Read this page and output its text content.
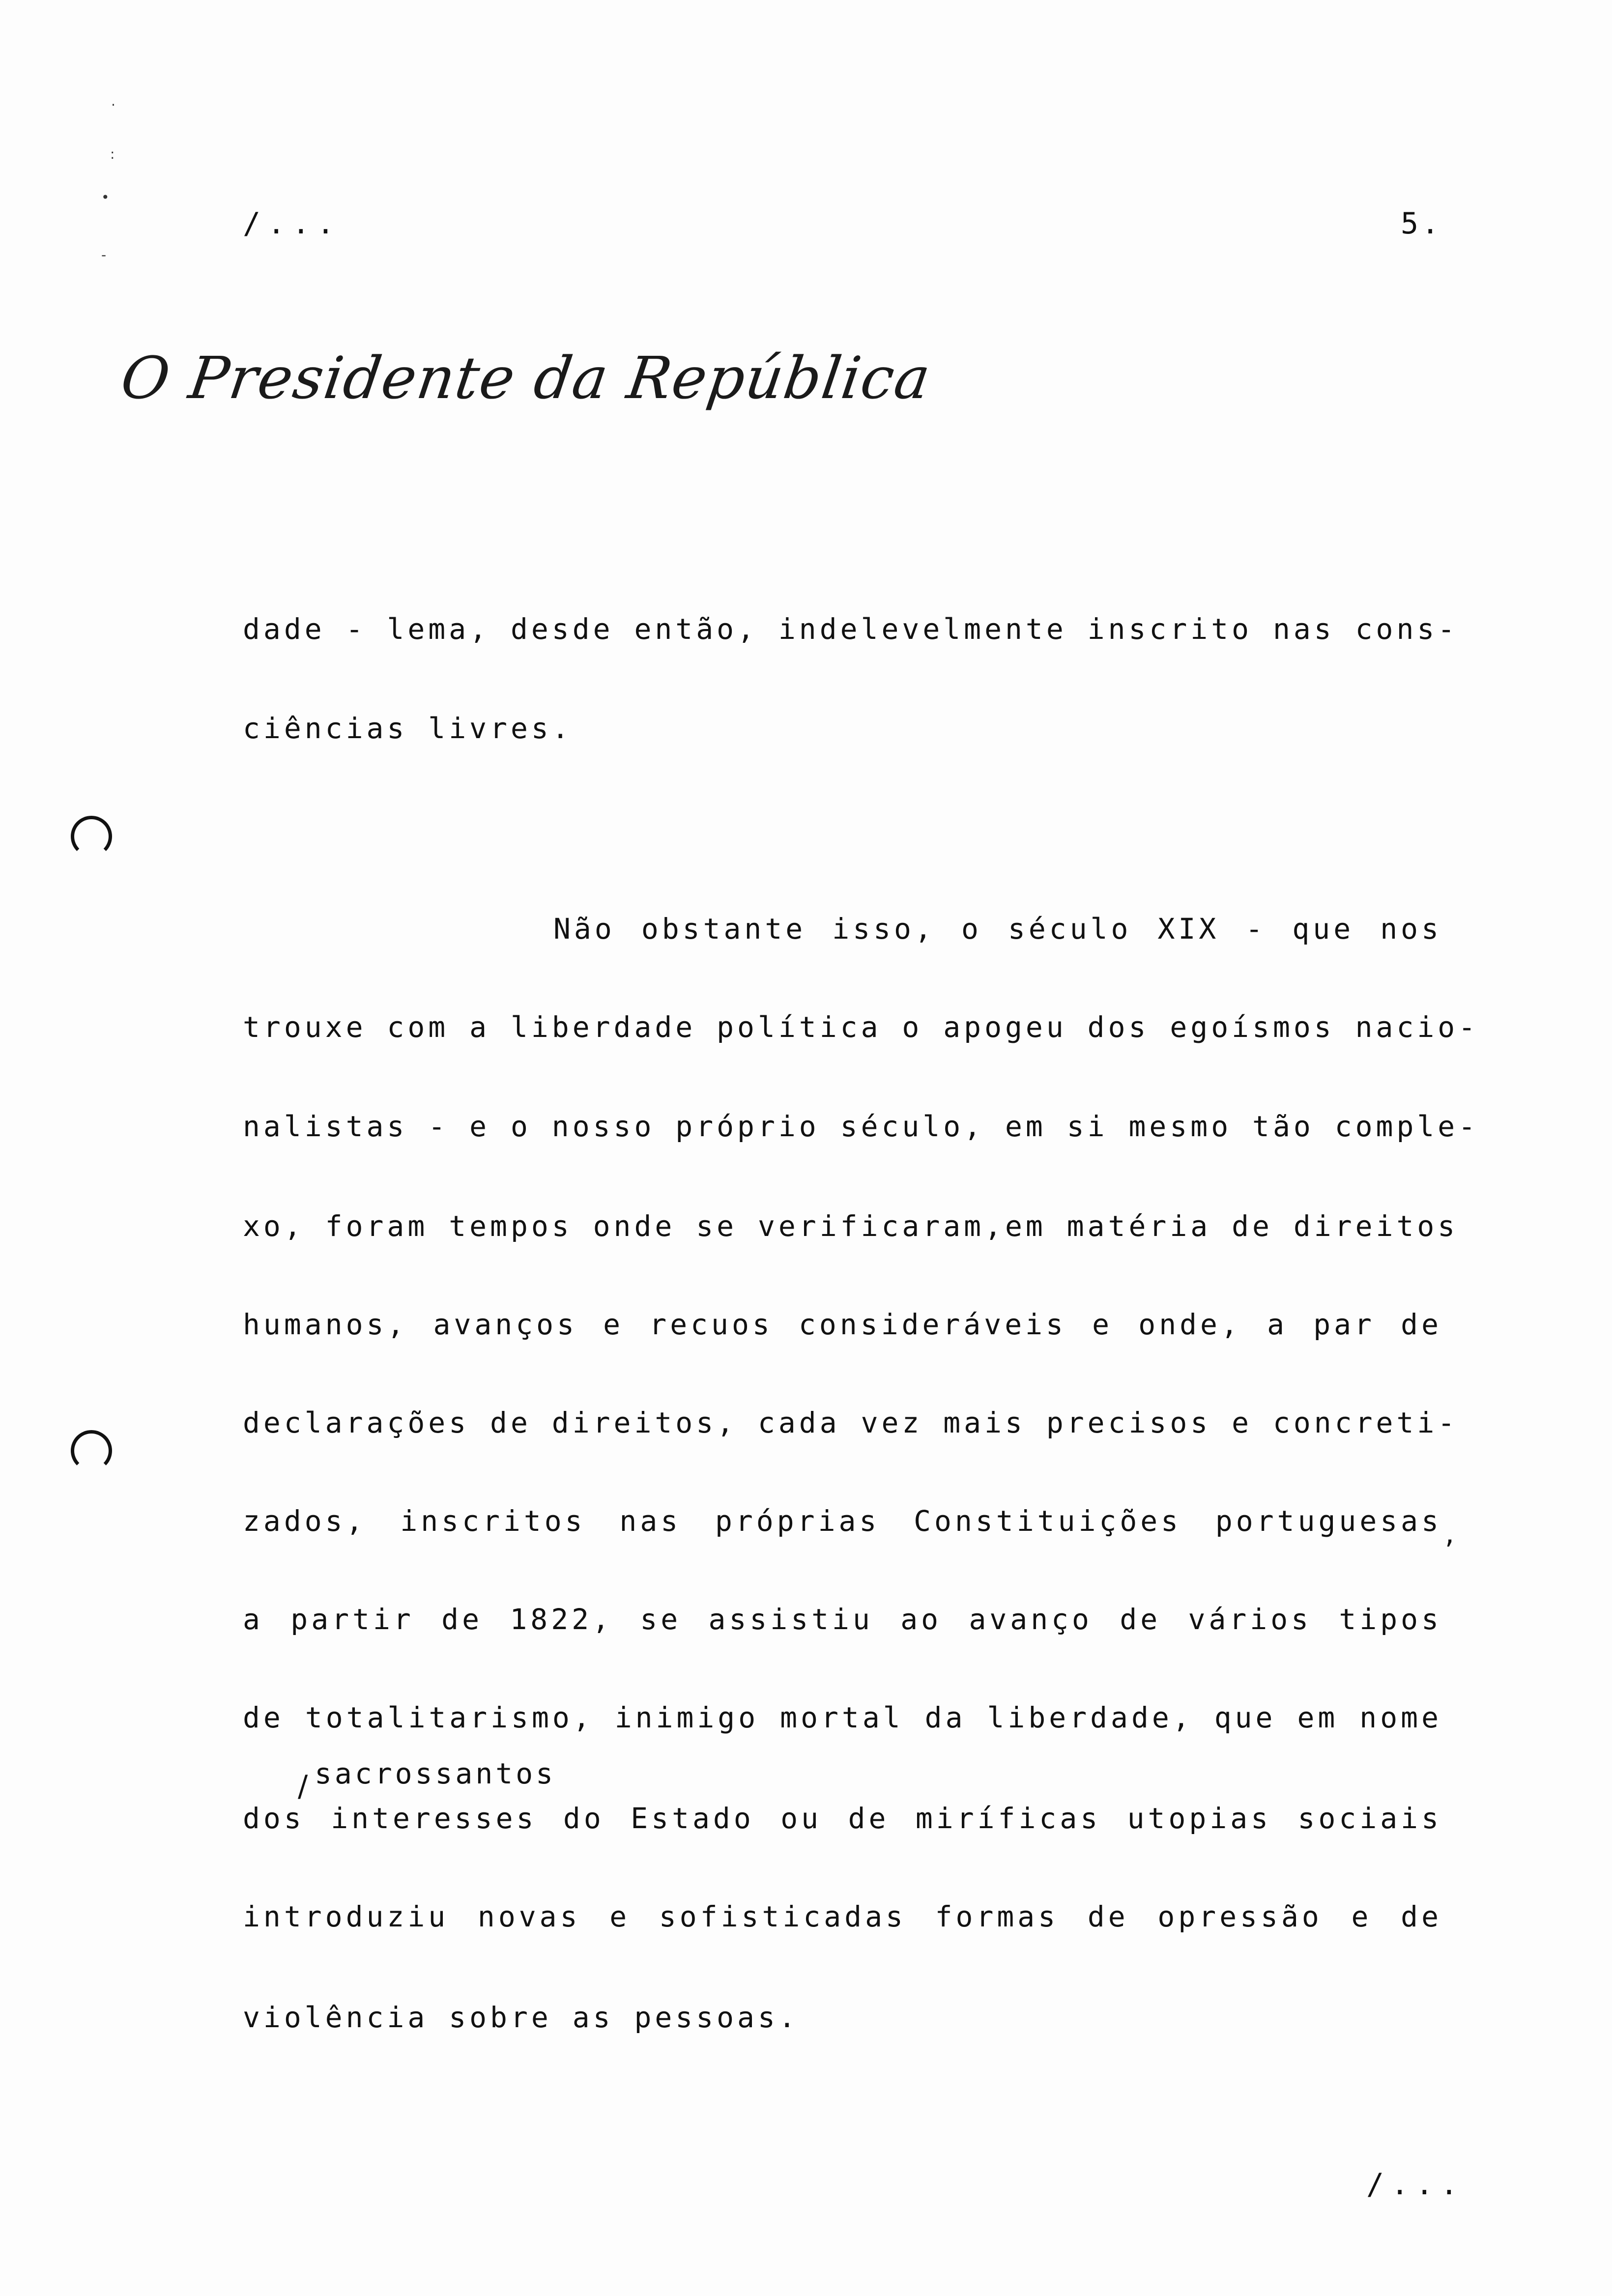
·
:
•
-
/...	5.
O Presidente da República
dade - lema, desde então, indelevelmente inscrito nas cons-
ciências livres.
Não obstante isso, o século XIX - que nos
trouxe com a liberdade política o apogeu dos egoísmos nacio-
nalistas - e o nosso próprio século, em si mesmo tão comple-
xo, foram tempos onde se verificaram,em matéria de direitos
humanos, avanços e recuos consideráveis e onde, a par de
declarações de direitos, cada vez mais precisos e concreti-
zados, inscritos nas próprias Constituições portuguesas ,
a partir de 1822, se assistiu ao avanço de vários tipos
de totalitarismo, inimigo mortal da liberdade, que em nome
/ sacrossantos
dos interesses do Estado ou de miríficas utopias sociais
introduziu novas e sofisticadas formas de opressão e de
violência sobre as pessoas.
/...
